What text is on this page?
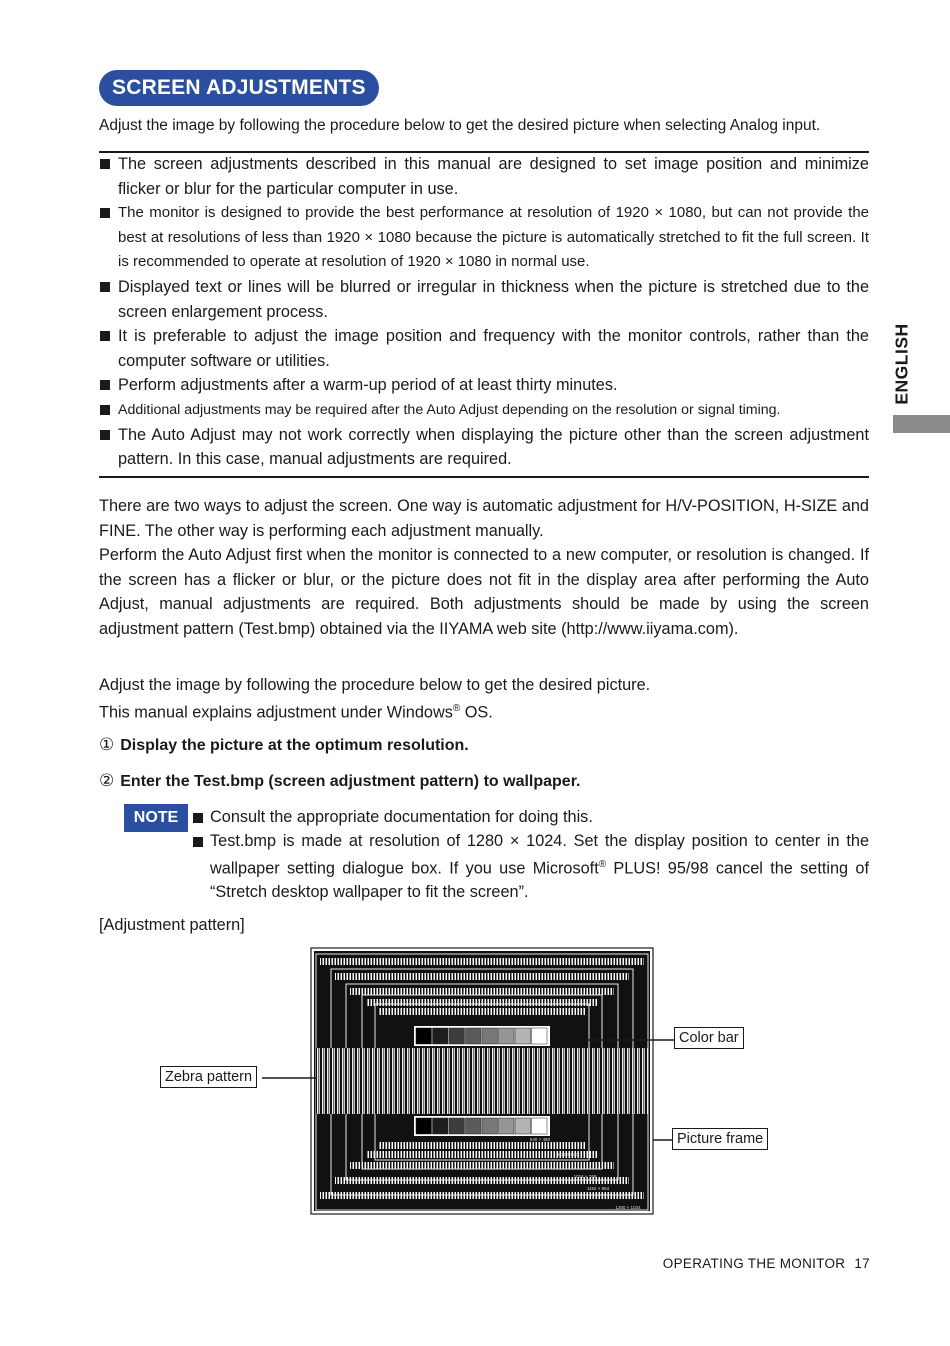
SCREEN ADJUSTMENTS
Adjust the image by following the procedure below to get the desired picture when selecting Analog input.
The screen adjustments described in this manual are designed to set image position and minimize flicker or blur for the particular computer in use.
The monitor is designed to provide the best performance at resolution of 1920 × 1080, but can not provide the best at resolutions of less than 1920 × 1080 because the picture is automatically stretched to fit the full screen. It is recommended to operate at resolution of 1920 × 1080 in normal use.
Displayed text or lines will be blurred or irregular in thickness when the picture is stretched due to the screen enlargement process.
It is preferable to adjust the image position and frequency with the monitor controls, rather than the computer software or utilities.
Perform adjustments after a warm-up period of at least thirty minutes.
Additional adjustments may be required after the Auto Adjust depending on the resolution or signal timing.
The Auto Adjust may not work correctly when displaying the picture other than the screen adjustment pattern. In this case, manual adjustments are required.
There are two ways to adjust the screen. One way is automatic adjustment for H/V-POSITION, H-SIZE and FINE. The other way is performing each adjustment manually.
Perform the Auto Adjust first when the monitor is connected to a new computer, or resolution is changed. If the screen has a flicker or blur, or the picture does not fit in the display area after performing the Auto Adjust, manual adjustments are required. Both adjustments should be made by using the screen adjustment pattern (Test.bmp) obtained via the IIYAMA web site (http://www.iiyama.com).
Adjust the image by following the procedure below to get the desired picture.
This manual explains adjustment under Windows® OS.
① Display the picture at the optimum resolution.
② Enter the Test.bmp (screen adjustment pattern) to wallpaper.
NOTE	Consult the appropriate documentation for doing this.
Test.bmp is made at resolution of 1280 × 1024. Set the display position to center in the wallpaper setting dialogue box. If you use Microsoft® PLUS! 95/98 cancel the setting of “Stretch desktop wallpaper to fit the screen”.
ENGLISH
[Adjustment pattern]
1280 × 1024
1152 × 864
1024 × 768
800 × 600
640 × 480
Zebra pattern
Color bar
Picture frame
OPERATING THE MONITOR 17
